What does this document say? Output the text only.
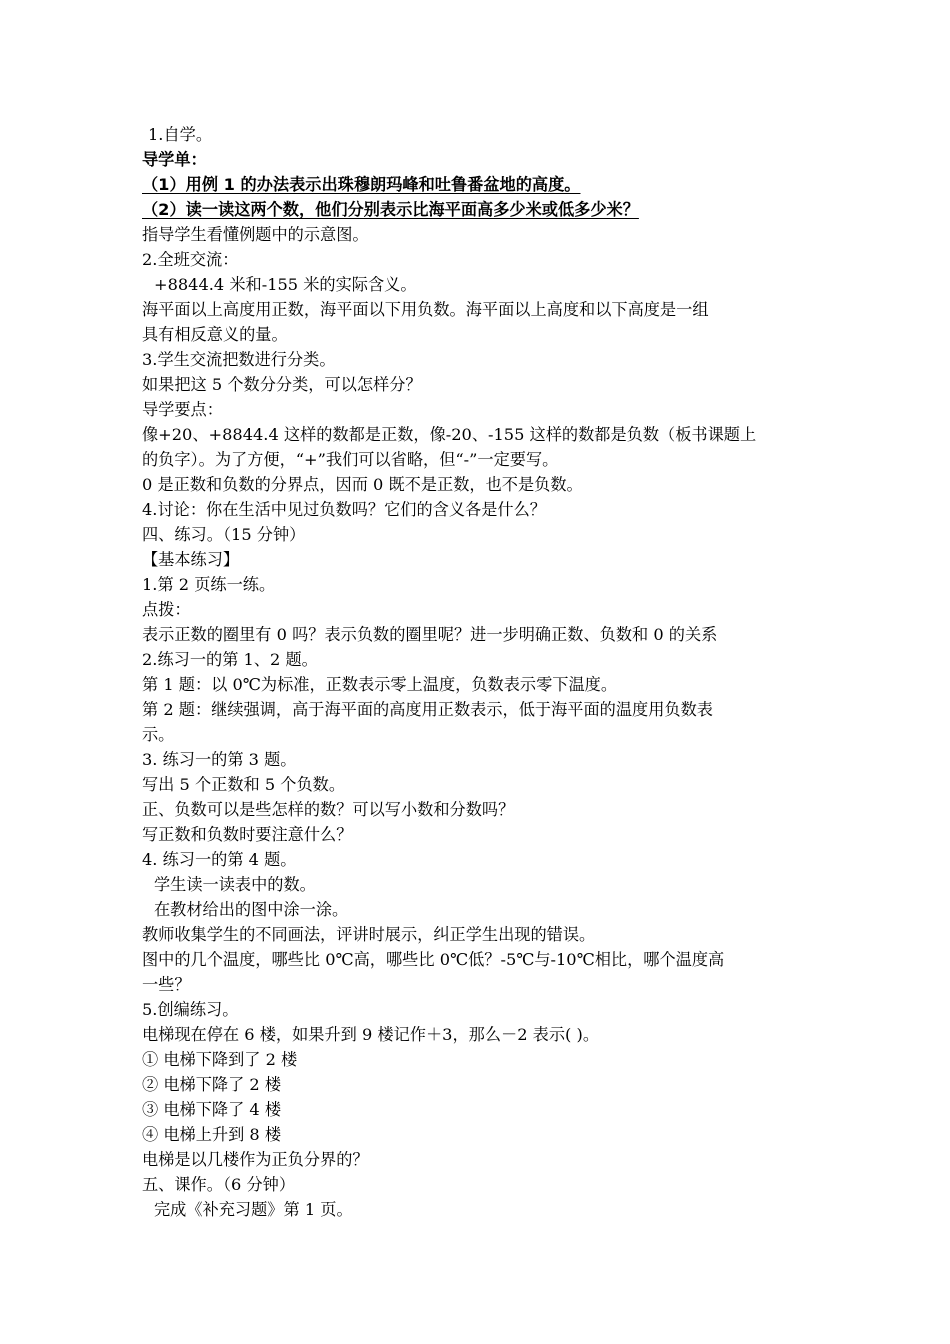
1.自学。
导学单：
（1）用例 1 的办法表示出珠穆朗玛峰和吐鲁番盆地的高度。
（2）读一读这两个数，他们分别表示比海平面高多少米或低多少米？
指导学生看懂例题中的示意图。
2.全班交流：
+8844.4 米和-155 米的实际含义。
海平面以上高度用正数，海平面以下用负数。海平面以上高度和以下高度是一组
具有相反意义的量。
3.学生交流把数进行分类。
如果把这 5 个数分分类，可以怎样分？
导学要点：
像+20、+8844.4 这样的数都是正数，像-20、-155 这样的数都是负数（板书课题上
的负字）。为了方便，“+”我们可以省略，但“-”一定要写。
0 是正数和负数的分界点，因而 0 既不是正数，也不是负数。
4.讨论：你在生活中见过负数吗？它们的含义各是什么？
四、练习。（15 分钟）
【基本练习】
1.第 2 页练一练。
点拨：
表示正数的圈里有 0 吗？表示负数的圈里呢？进一步明确正数、负数和 0 的关系
2.练习一的第 1、2 题。
第 1 题：以 0℃为标准，正数表示零上温度，负数表示零下温度。
第 2 题：继续强调，高于海平面的高度用正数表示，低于海平面的温度用负数表
示。
3. 练习一的第 3 题。
写出 5 个正数和 5 个负数。
正、负数可以是些怎样的数？可以写小数和分数吗？
写正数和负数时要注意什么？
4. 练习一的第 4 题。
学生读一读表中的数。
在教材给出的图中涂一涂。
教师收集学生的不同画法，评讲时展示，纠正学生出现的错误。
图中的几个温度，哪些比 0℃高，哪些比 0℃低？-5℃与-10℃相比，哪个温度高
一些？
5.创编练习。
电梯现在停在 6 楼，如果升到 9 楼记作＋3，那么－2 表示( )。
① 电梯下降到了 2 楼
② 电梯下降了 2 楼
③ 电梯下降了 4 楼
④ 电梯上升到 8 楼
电梯是以几楼作为正负分界的？
五、课作。（6 分钟）
完成《补充习题》第 1 页。
